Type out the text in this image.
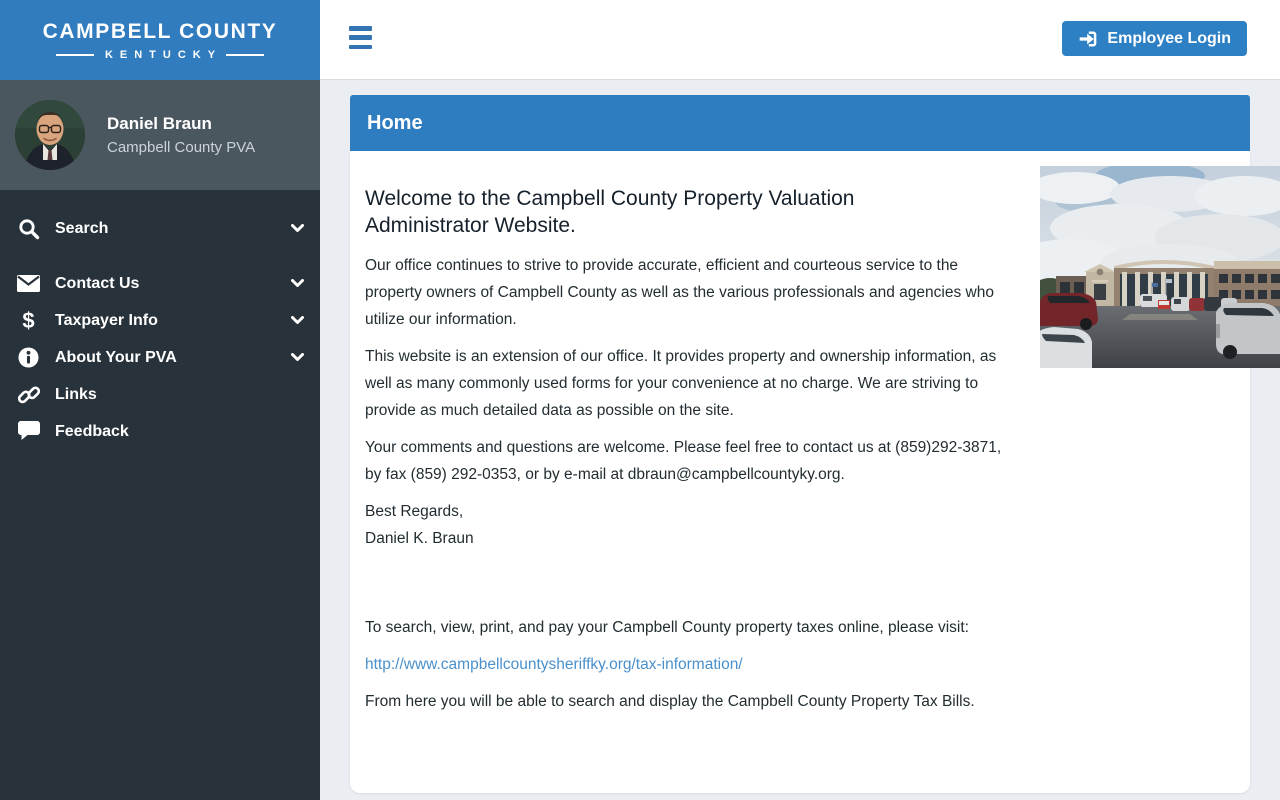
CAMPBELL COUNTY
KENTUCKY
Daniel Braun
Campbell County PVA
Search
Contact Us
$ Taxpayer Info
About Your PVA
Links
Feedback
Employee Login
Home
Welcome to the Campbell County Property Valuation Administrator Website.

Our office continues to strive to provide accurate, efficient and courteous service to the property owners of Campbell County as well as the various professionals and agencies who utilize our information.

This website is an extension of our office. It provides property and ownership information, as well as many commonly used forms for your convenience at no charge. We are striving to provide as much detailed data as possible on the site.

Your comments and questions are welcome. Please feel free to contact us at (859)292-3871, by fax (859) 292-0353, or by e-mail at dbraun@campbellcountyky.org.

Best Regards,
Daniel K. Braun

To search, view, print, and pay your Campbell County property taxes online, please visit:

http://www.campbellcountysheriffky.org/tax-information/

From here you will be able to search and display the Campbell County Property Tax Bills.
